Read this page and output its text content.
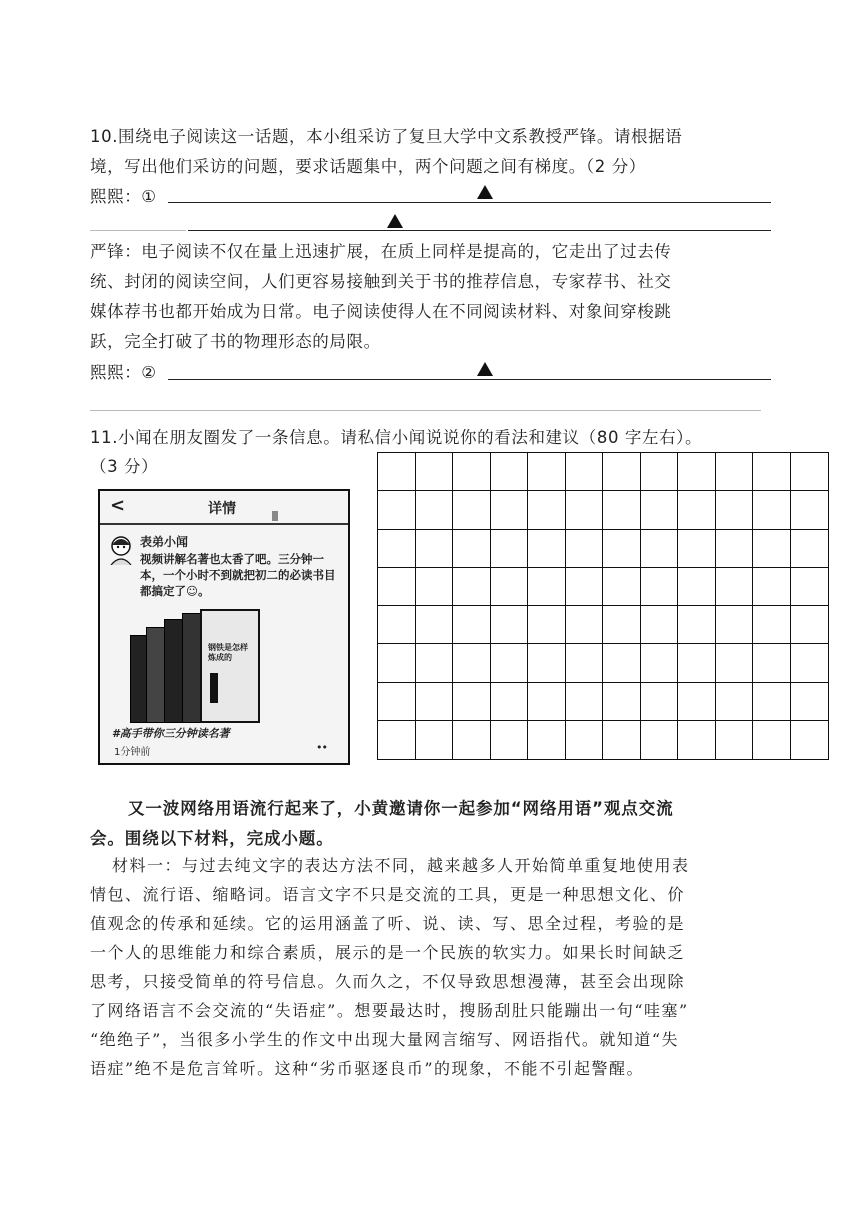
10.围绕电子阅读这一话题，本小组采访了复旦大学中文系教授严锋。请根据语
境，写出他们采访的问题，要求话题集中，两个问题之间有梯度。（2 分）
熙熙：①
严锋：电子阅读不仅在量上迅速扩展，在质上同样是提高的，它走出了过去传
统、封闭的阅读空间，人们更容易接触到关于书的推荐信息，专家荐书、社交
媒体荐书也都开始成为日常。电子阅读使得人在不同阅读材料、对象间穿梭跳
跃，完全打破了书的物理形态的局限。
熙熙：②
11.小闻在朋友圈发了一条信息。请私信小闻说说你的看法和建议（80 字左右）。
（3 分）
<	详情
表弟小闻
视频讲解名著也太香了吧。三分钟一
本，一个小时不到就把初二的必读书目
都搞定了☺。
钢铁是怎样
炼成的
#高手带你三分钟读名著
1分钟前	••
又一波网络用语流行起来了，小黄邀请你一起参加“网络用语”观点交流
会。围绕以下材料，完成小题。
材料一：与过去纯文字的表达方法不同，越来越多人开始简单重复地使用表
情包、流行语、缩略词。语言文字不只是交流的工具，更是一种思想文化、价
值观念的传承和延续。它的运用涵盖了听、说、读、写、思全过程，考验的是
一个人的思维能力和综合素质，展示的是一个民族的软实力。如果长时间缺乏
思考，只接受简单的符号信息。久而久之，不仅导致思想漫薄，甚至会出现除
了网络语言不会交流的“失语症”。想要最达时，搜肠刮肚只能蹦出一句“哇塞”
“绝绝子”，当很多小学生的作文中出现大量网言缩写、网语指代。就知道“失
语症”绝不是危言耸听。这种“劣币驱逐良币”的现象，不能不引起警醒。
